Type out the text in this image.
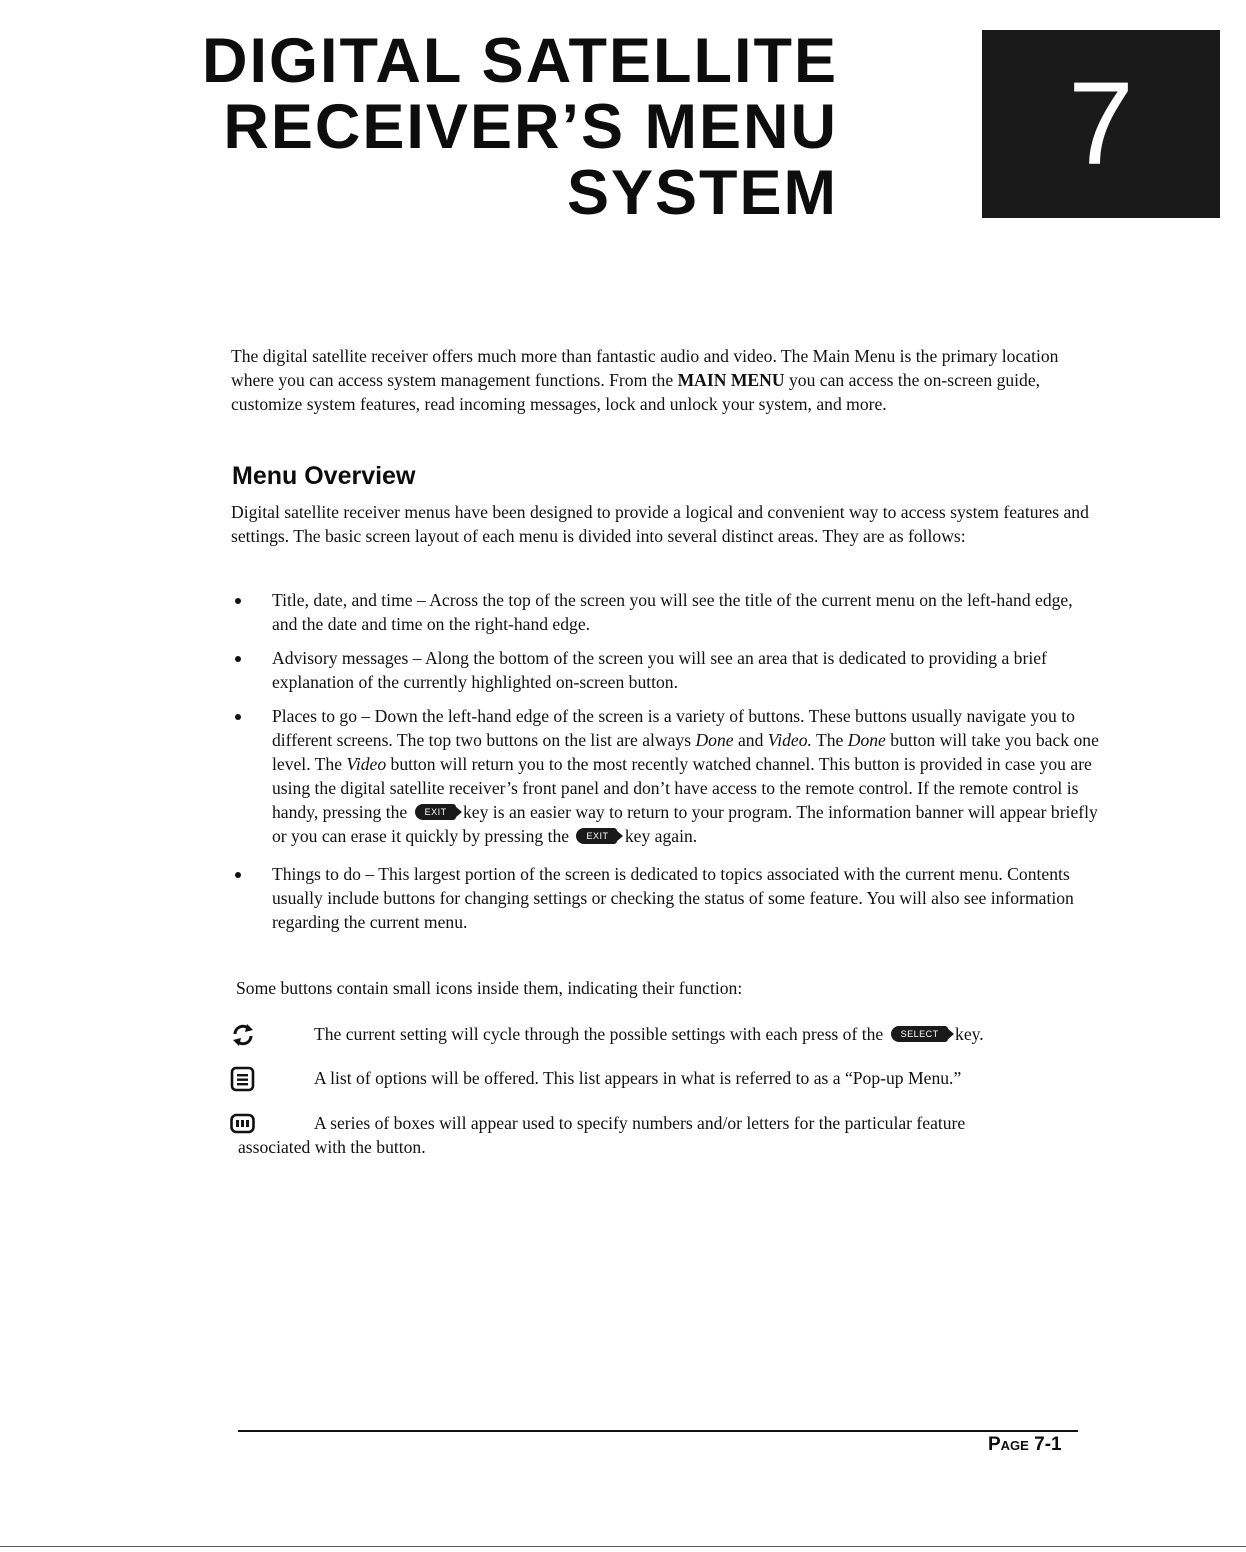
DIGITAL SATELLITE
RECEIVER’S MENU
SYSTEM
7

The digital satellite receiver offers much more than fantastic audio and video. The Main Menu is the primary location where you can access system management functions. From the MAIN MENU you can access the on-screen guide, customize system features, read incoming messages, lock and unlock your system, and more.

Menu Overview

Digital satellite receiver menus have been designed to provide a logical and convenient way to access system features and settings. The basic screen layout of each menu is divided into several distinct areas. They are as follows:

Title, date, and time – Across the top of the screen you will see the title of the current menu on the left-hand edge, and the date and time on the right-hand edge.
Advisory messages – Along the bottom of the screen you will see an area that is dedicated to providing a brief explanation of the currently highlighted on-screen button.
Places to go – Down the left-hand edge of the screen is a variety of buttons. These buttons usually navigate you to different screens. The top two buttons on the list are always Done and Video. The Done button will take you back one level. The Video button will return you to the most recently watched channel. This button is provided in case you are using the digital satellite receiver’s front panel and don’t have access to the remote control. If the remote control is handy, pressing the EXIT key is an easier way to return to your program. The information banner will appear briefly or you can erase it quickly by pressing the EXIT key again.
Things to do – This largest portion of the screen is dedicated to topics associated with the current menu. Contents usually include buttons for changing settings or checking the status of some feature. You will also see information regarding the current menu.

Some buttons contain small icons inside them, indicating their function:

The current setting will cycle through the possible settings with each press of the SELECT key.
A list of options will be offered. This list appears in what is referred to as a “Pop-up Menu.”
A series of boxes will appear used to specify numbers and/or letters for the particular feature
associated with the button.
Page 7-1
